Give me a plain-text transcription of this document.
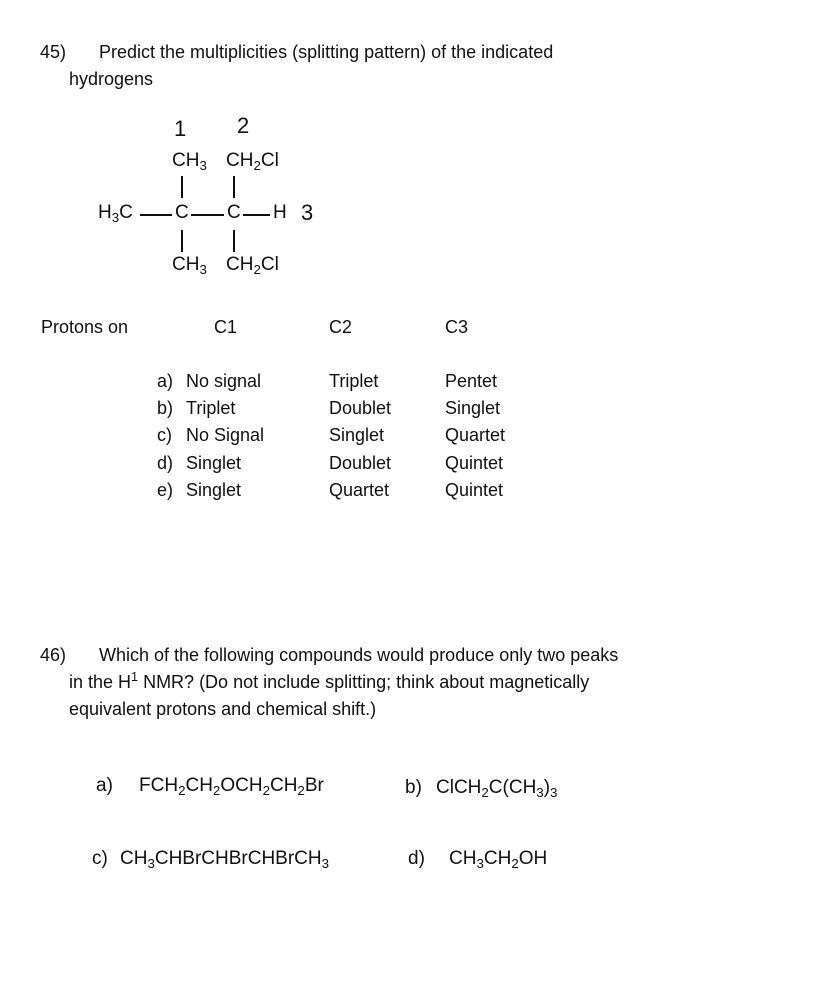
45) Predict the multiplicities (splitting pattern) of the indicated
hydrogens
1 2
$CH_3$ $CH_2Cl$
$H_3C$ C C H 3
$CH_3$ $CH_2Cl$
Protons on	C1	C2	C3
a) No signal	Triplet	Pentet
b) Triplet	Doublet	Singlet
c) No Signal	Singlet	Quartet
d) Singlet	Doublet	Quintet
e) Singlet	Quartet	Quintet
46) Which of the following compounds would produce only two peaks
in the $H^1$ NMR? (Do not include splitting; think about magnetically
equivalent protons and chemical shift.)
a) $FCH_2CH_2OCH_2CH_2Br$	b) $ClCH_2C(CH_3)_3$
c) $CH_3CHBrCHBrCHBrCH_3$	d) $CH_3CH_2OH$
